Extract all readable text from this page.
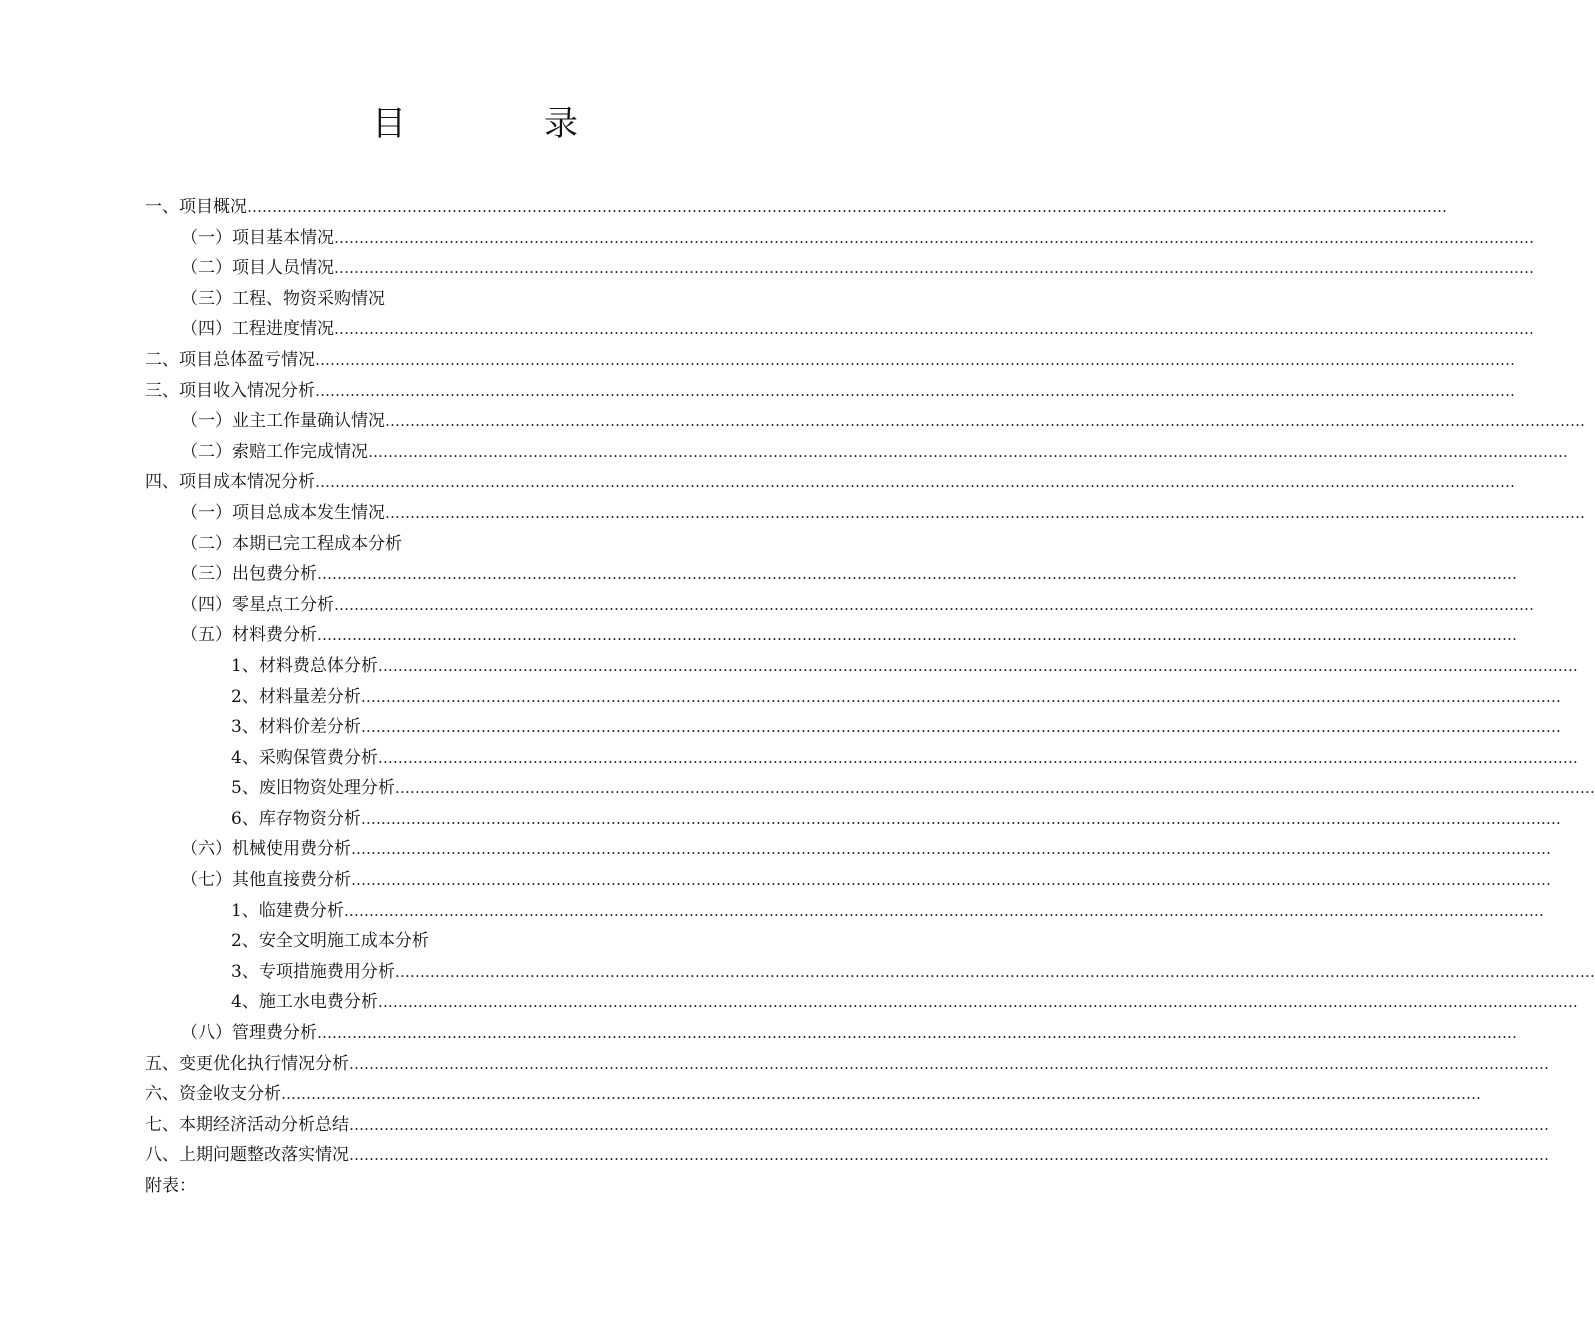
目　录
一、项目概况 ……………………………………………………………………………………………………………………………………………………………………………………………………………………
（一）项目基本情况 ……………………………………………………………………………………………………………………………………………………………………………………………………………………
（二）项目人员情况 ……………………………………………………………………………………………………………………………………………………………………………………………………………………
（三）工程、物资采购情况
（四）工程进度情况 ……………………………………………………………………………………………………………………………………………………………………………………………………………………
二、项目总体盈亏情况 ……………………………………………………………………………………………………………………………………………………………………………………………………………………
三、项目收入情况分析 ……………………………………………………………………………………………………………………………………………………………………………………………………………………
（一）业主工作量确认情况 ……………………………………………………………………………………………………………………………………………………………………………………………………………………
（二）索赔工作完成情况 ……………………………………………………………………………………………………………………………………………………………………………………………………………………
四、项目成本情况分析 ……………………………………………………………………………………………………………………………………………………………………………………………………………………
（一）项目总成本发生情况 ……………………………………………………………………………………………………………………………………………………………………………………………………………………
（二）本期已完工程成本分析
（三）出包费分析 ……………………………………………………………………………………………………………………………………………………………………………………………………………………
（四）零星点工分析 ……………………………………………………………………………………………………………………………………………………………………………………………………………………
（五）材料费分析 ……………………………………………………………………………………………………………………………………………………………………………………………………………………
1、材料费总体分析 ……………………………………………………………………………………………………………………………………………………………………………………………………………………
2、材料量差分析 ……………………………………………………………………………………………………………………………………………………………………………………………………………………
3、材料价差分析 ……………………………………………………………………………………………………………………………………………………………………………………………………………………
4、采购保管费分析 ……………………………………………………………………………………………………………………………………………………………………………………………………………………
5、废旧物资处理分析 ……………………………………………………………………………………………………………………………………………………………………………………………………………………
6、库存物资分析 ……………………………………………………………………………………………………………………………………………………………………………………………………………………
（六）机械使用费分析 ……………………………………………………………………………………………………………………………………………………………………………………………………………………
（七）其他直接费分析 ……………………………………………………………………………………………………………………………………………………………………………………………………………………
1、临建费分析 ……………………………………………………………………………………………………………………………………………………………………………………………………………………
2、安全文明施工成本分析
3、专项措施费用分析 ……………………………………………………………………………………………………………………………………………………………………………………………………………………
4、施工水电费分析 ……………………………………………………………………………………………………………………………………………………………………………………………………………………
（八）管理费分析 ……………………………………………………………………………………………………………………………………………………………………………………………………………………
五、变更优化执行情况分析 ……………………………………………………………………………………………………………………………………………………………………………………………………………………
六、资金收支分析 ……………………………………………………………………………………………………………………………………………………………………………………………………………………
七、本期经济活动分析总结 ……………………………………………………………………………………………………………………………………………………………………………………………………………………
八、上期问题整改落实情况 ……………………………………………………………………………………………………………………………………………………………………………………………………………………
附表：
